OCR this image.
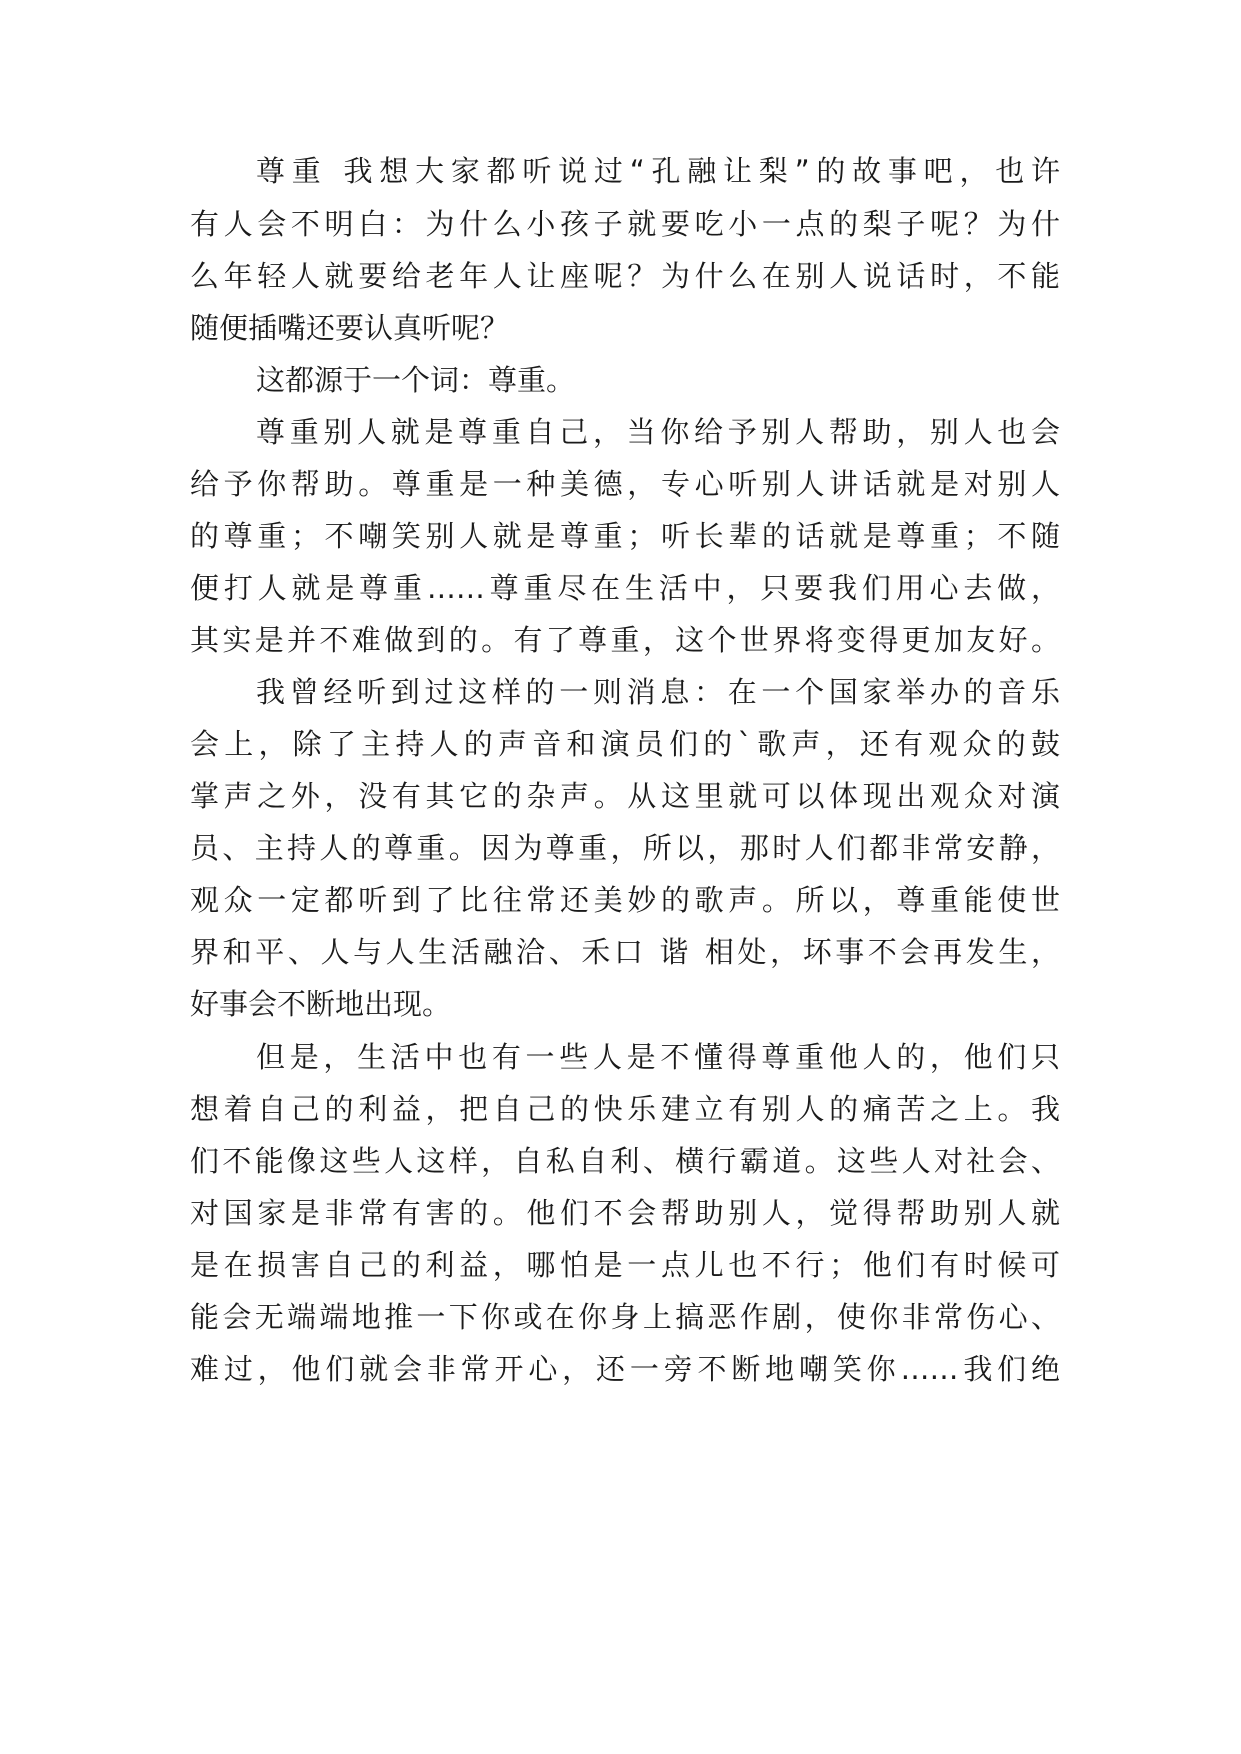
尊重 我想大家都听说过“孔融让梨”的故事吧，也许

有人会不明白：为什么小孩子就要吃小一点的梨子呢？为什

么年轻人就要给老年人让座呢？为什么在别人说话时，不能

随便插嘴还要认真听呢？

这都源于一个词：尊重。

尊重别人就是尊重自己，当你给予别人帮助，别人也会

给予你帮助。尊重是一种美德，专心听别人讲话就是对别人

的尊重；不嘲笑别人就是尊重；听长辈的话就是尊重；不随

便打人就是尊重……尊重尽在生活中，只要我们用心去做，

其实是并不难做到的。有了尊重，这个世界将变得更加友好。

我曾经听到过这样的一则消息：在一个国家举办的音乐

会上，除了主持人的声音和演员们的`歌声，还有观众的鼓

掌声之外，没有其它的杂声。从这里就可以体现出观众对演

员、主持人的尊重。因为尊重，所以，那时人们都非常安静，

观众一定都听到了比往常还美妙的歌声。所以，尊重能使世

界和平、人与人生活融洽、禾口 谐 相处，坏事不会再发生，

好事会不断地出现。

但是，生活中也有一些人是不懂得尊重他人的，他们只

想着自己的利益，把自己的快乐建立有别人的痛苦之上。我

们不能像这些人这样，自私自利、横行霸道。这些人对社会、

对国家是非常有害的。他们不会帮助别人，觉得帮助别人就

是在损害自己的利益，哪怕是一点儿也不行；他们有时候可

能会无端端地推一下你或在你身上搞恶作剧，使你非常伤心、

难过，他们就会非常开心，还一旁不断地嘲笑你……我们绝
